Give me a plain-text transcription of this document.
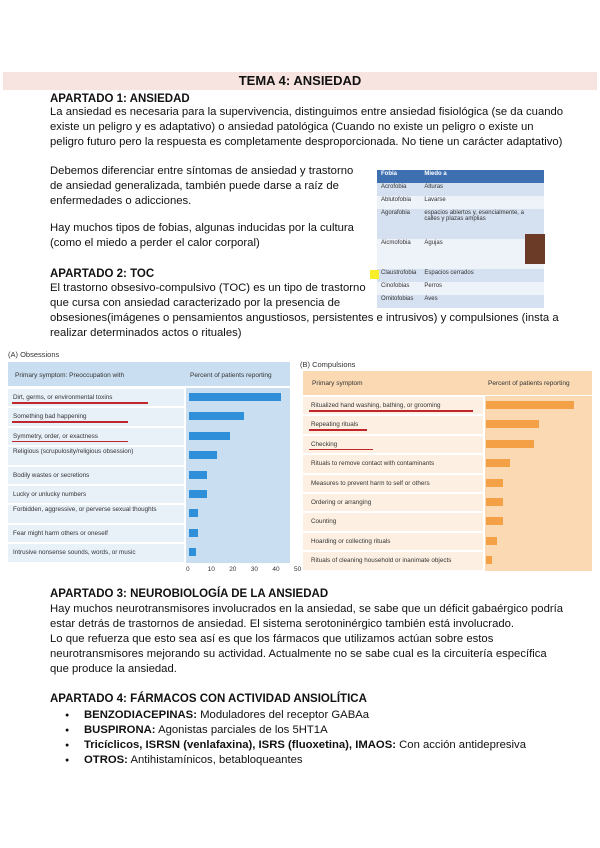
TEMA 4: ANSIEDAD
APARTADO 1: ANSIEDAD
La ansiedad es necesaria para la supervivencia, distinguimos entre ansiedad fisiológica (se da cuando
existe un peligro y es adaptativo) o ansiedad patológica (Cuando no existe un peligro o existe un
peligro futuro pero la respuesta es completamente desproporcionada. No tiene un carácter adaptativo)
Debemos diferenciar entre síntomas de ansiedad y trastorno
de ansiedad generalizada, también puede darse a raíz de
enfermedades o adicciones.
Hay muchos tipos de fobias, algunas inducidas por la cultura
(como el miedo a perder el calor corporal)
Fobia	Miedo a
Acrofobia	Alturas
Ablutofobia	Lavarse
Agorafobia	espacios abiertos y, esencialmente, a calles y plazas amplias
Aicmofobia	Agujas
Claustrofobia	Espacios cerrados
Cinofobias	Perros
Ornitofobias	Aves
APARTADO 2: TOC
El trastorno obsesivo-compulsivo (TOC) es un tipo de trastorno
que cursa con ansiedad caracterizado por la presencia de
obsesiones(imágenes o pensamientos angustiosos, persistentes e intrusivos) y compulsiones (insta a
realizar determinados actos o rituales)
(A) Obsessions
Primary symptom: Preoccupation with	Percent of patients reporting
Dirt, germs, or environmental toxins
Something bad happening
Symmetry, order, or exactness
Religious (scrupulosity/religious obsession)
Bodily wastes or secretions
Lucky or unlucky numbers
Forbidden, aggressive, or perverse sexual thoughts
Fear might harm others or oneself
Intrusive nonsense sounds, words, or music
0	10 20 30 40 50
(B) Compulsions
Primary symptom	Percent of patients reporting
Ritualized hand washing, bathing, or grooming
Repeating rituals
Checking
Rituals to remove contact with contaminants
Measures to prevent harm to self or others
Ordering or arranging
Counting
Hoarding or collecting rituals
Rituals of cleaning household or inanimate objects
APARTADO 3: NEUROBIOLOGÍA DE LA ANSIEDAD
Hay muchos neurotransmisores involucrados en la ansiedad, se sabe que un déficit gabaérgico podría
estar detrás de trastornos de ansiedad. El sistema serotoninérgico también está involucrado.
Lo que refuerza que esto sea así es que los fármacos que utilizamos actúan sobre estos
neurotransmisores mejorando su actividad. Actualmente no se sabe cual es la circuitería específica
que produce la ansiedad.
APARTADO 4: FÁRMACOS CON ACTIVIDAD ANSIOLÍTICA
● BENZODIACEPINAS: Moduladores del receptor GABAa
● BUSPIRONA: Agonistas parciales de los 5HT1A
● Tricíclicos, ISRSN (venlafaxina), ISRS (fluoxetina), IMAOS: Con acción antidepresiva
● OTROS: Antihistamínicos, betabloqueantes
